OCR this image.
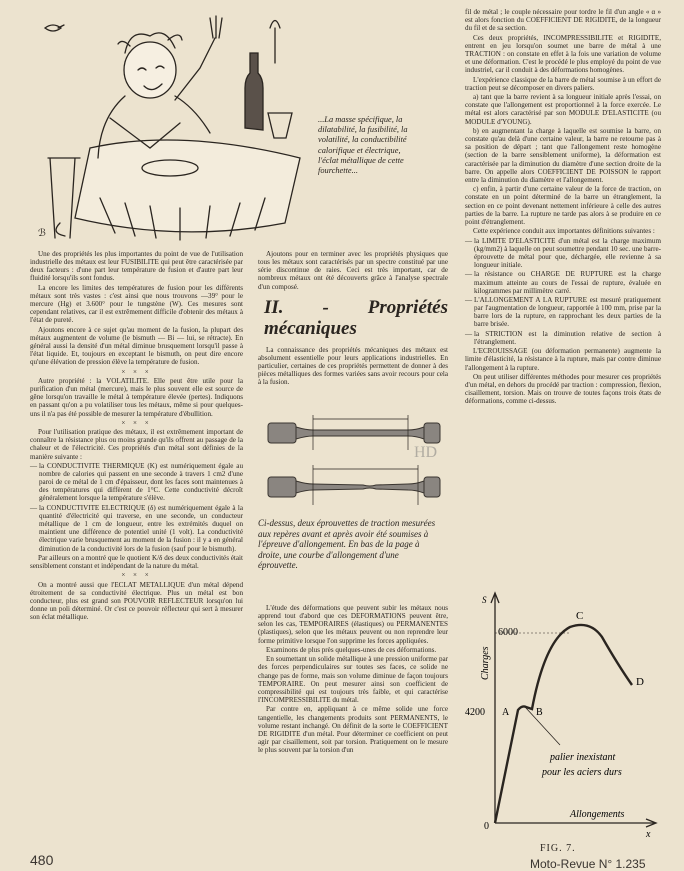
ℬ
...La masse spécifique, la dilatabilité, la fusibilité, la volatilité, la conductibilité calorifique et électrique, l'éclat métallique de cette fourchette...

Une des propriétés les plus importantes du point de vue de l'utilisation industrielle des métaux est leur FUSIBILITE qui peut être caractérisée par deux facteurs : d'une part leur température de fusion et d'autre part leur fluidité lorsqu'ils sont fondus.

La encore les limites des températures de fusion pour les différents métaux sont très vastes : c'est ainsi que nous trouvons —39° pour le mercure (Hg) et 3.600° pour le tungstène (W). Ces mesures sont cependant relatives, car il est extrêmement difficile d'obtenir des métaux à l'état de pureté.

Ajoutons encore à ce sujet qu'au moment de la fusion, la plupart des métaux augmentent de volume (le bismuth — Bi — lui, se rétracte). En général aussi la densité d'un métal diminue brusquement lorsqu'il passe à l'état liquide. Et, toujours en exceptant le bismuth, on peut dire encore qu'une élévation de pression élève la température de fusion.

× × ×

Autre propriété : la VOLATILITE. Elle peut être utile pour la purification d'un métal (mercure), mais le plus souvent elle est source de gêne lorsqu'on travaille le métal à température élevée (pertes). Indiquons en passant qu'on a pu volatiliser tous les métaux, même si pour quelques-uns il n'a pas été possible de mesurer la température d'ébullition.

× × ×

Pour l'utilisation pratique des métaux, il est extrêmement important de connaître la résistance plus ou moins grande qu'ils offrent au passage de la chaleur et de l'électricité. Ces propriétés d'un métal sont définies de la manière suivante :

— la CONDUCTIVITE THERMIQUE (K) est numériquement égale au nombre de calories qui passent en une seconde à travers 1 cm2 d'une paroi de ce métal de 1 cm d'épaisseur, dont les faces sont maintenues à des températures qui diffèrent de 1°C. Cette conductivité décroît généralement lorsque la température s'élève.

— la CONDUCTIVITE ELECTRIQUE (δ) est numériquement égale à la quantité d'électricité qui traverse, en une seconde, un conducteur métallique de 1 cm de longueur, entre les extrémités duquel on maintient une différence de potentiel unité (1 volt). La conductivité électrique varie brusquement au moment de la fusion : il y a en général diminution de la conductivité lors de la fusion (sauf pour le bismuth).

Par ailleurs on a montré que le quotient K/δ des deux conductivités était sensiblement constant et indépendant de la nature du métal.

× × ×

On a montré aussi que l'ECLAT METALLIQUE d'un métal dépend étroitement de sa conductivité électrique. Plus un métal est bon conducteur, plus est grand son POUVOIR REFLECTEUR lorsqu'on lui donne un poli déterminé. Or c'est ce pouvoir réflecteur qui sert à mesurer son éclat métallique.

Ajoutons pour en terminer avec les propriétés physiques que tous les métaux sont caractérisés par un spectre constitué par une série discontinue de raies. Ceci est très important, car de nombreux métaux ont été découverts grâce à l'analyse spectrale d'un composé.

II. - Propriétés mécaniques

La connaissance des propriétés mécaniques des métaux est absolument essentielle pour leurs applications industrielles. En particulier, certaines de ces propriétés permettent de donner à des pièces métalliques des formes variées sans avoir recours pour cela à la fusion.

HD
Ci-dessus, deux éprouvettes de traction mesurées aux repères avant et après avoir été soumises à l'épreuve d'allongement. En bas de la page à droite, une courbe d'allongement d'une éprouvette.

L'étude des déformations que peuvent subir les métaux nous apprend tout d'abord que ces DEFORMATIONS peuvent être, selon les cas, TEMPORAIRES (élastiques) ou PERMANENTES (plastiques), selon que les métaux peuvent ou non reprendre leur forme primitive lorsque l'on supprime les forces appliquées.

Examinons de plus près quelques-unes de ces déformations.

En soumettant un solide métallique à une pression uniforme par des forces perpendiculaires sur toutes ses faces, ce solide ne change pas de forme, mais son volume diminue de façon toujours TEMPORAIRE. On peut mesurer ainsi son coefficient de compressibilité qui est toujours très faible, et qui caractérise l'INCOMPRESSIBILITE du métal.

Par contre en, appliquant à ce même solide une force tangentielle, les changements produits sont PERMANENTS, le volume restant inchangé. On définit de la sorte le COEFFICIENT DE RIGIDITE d'un métal. Pour déterminer ce coefficient on peut agir par cisaillement, soit par torsion. Pratiquement on le mesure le plus souvent par la torsion d'un

fil de métal ; le couple nécessaire pour tordre le fil d'un angle « α » est alors fonction du COEFFICIENT DE RIGIDITE, de la longueur du fil et de sa section.

Ces deux propriétés, INCOMPRESSIBILITE et RIGIDITE, entrent en jeu lorsqu'on soumet une barre de métal à une TRACTION : on constate en effet à la fois une variation de volume et une déformation. C'est le procédé le plus employé du point de vue industriel, car il conduit à des déformations homogènes.

L'expérience classique de la barre de métal soumise à un effort de traction peut se décomposer en divers paliers.

a) tant que la barre revient à sa longueur initiale après l'essai, on constate que l'allongement est proportionnel à la force exercée. Le métal est alors caractérisé par son MODULE D'ELASTICITE (ou MODULE d'YOUNG).

b) en augmentant la charge à laquelle est soumise la barre, on constate qu'au delà d'une certaine valeur, la barre ne retourne pas à sa position de départ ; tant que l'allongement reste homogène (section de la barre sensiblement uniforme), la déformation est caractérisée par la diminution du diamètre d'une section droite de la barre. On appelle alors COEFFICIENT DE POISSON le rapport entre la diminution du diamètre et l'allongement.

c) enfin, à partir d'une certaine valeur de la force de traction, on constate en un point déterminé de la barre un étranglement, la section en ce point devenant nettement inférieure à celle des autres parties de la barre. La rupture ne tarde pas alors à se produire en ce point d'étranglement.

Cette expérience conduit aux importantes définitions suivantes :

— la LIMITE D'ELASTICITE d'un métal est la charge maximum (kg/mm2) à laquelle on peut soumettre pendant 10 sec. une barre-éprouvette de métal pour que, déchargée, elle revienne à sa longueur initiale.

— la résistance ou CHARGE DE RUPTURE est la charge maximum atteinte au cours de l'essai de rupture, évaluée en kilogrammes par millimètre carré.

— L'ALLONGEMENT A LA RUPTURE est mesuré pratiquement par l'augmentation de longueur, rapportée à 100 mm, prise par la barre lors de la rupture, en rapprochant les deux parties de la barre brisée.

— la STRICTION est la diminution relative de section à l'étranglement.

L'ECROUISSAGE (ou déformation permanente) augmente la limite d'élasticité, la résistance à la rupture, mais par contre diminue l'allongement à la rupture.

On peut utiliser différentes méthodes pour mesurer ces propriétés d'un métal, en dehors du procédé par traction : compression, flexion, cisaillement, torsion. Mais on trouve de toutes façons trois états de déformations, comme ci-dessus.

S
Charges
6000
4200 A	B
C
D
palier inexistant
pour les aciers durs
0
Allongements
x
FIG. 7.
480	Moto-Revue N° 1.235
